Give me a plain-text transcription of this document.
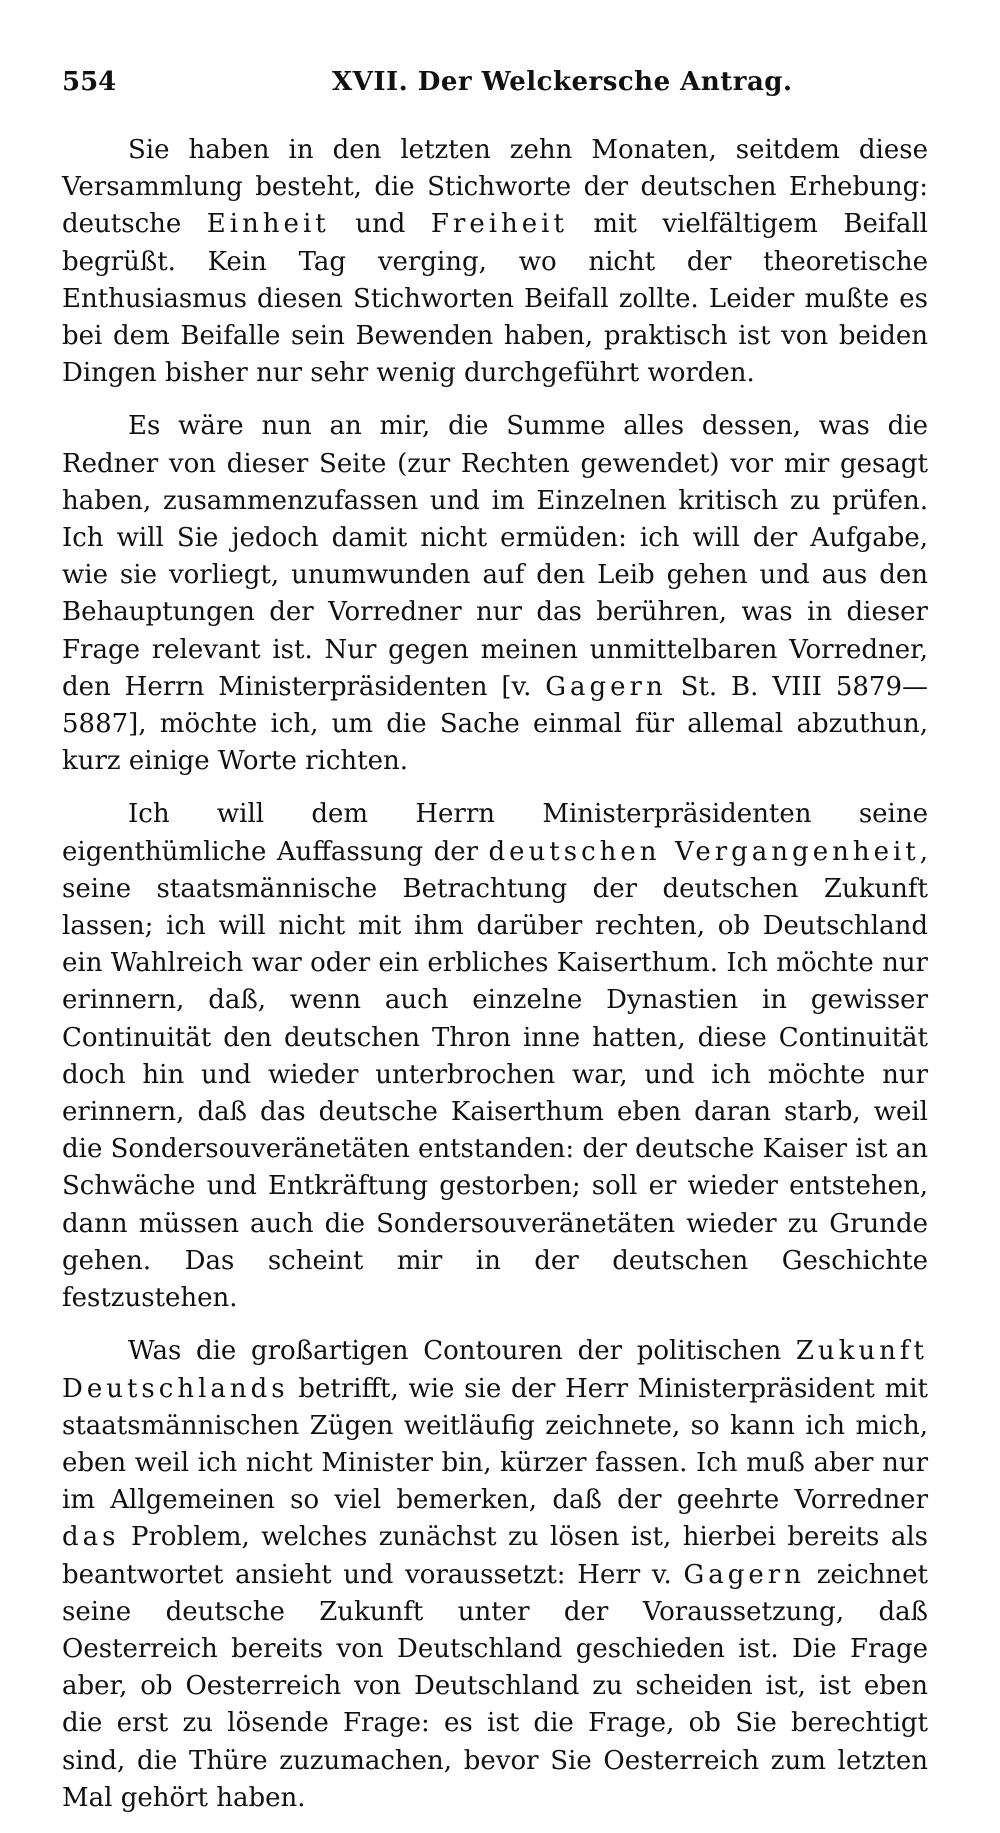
554	XVII. Der Welckersche Antrag.

Sie haben in den letzten zehn Monaten, seitdem diese Versammlung besteht, die Stichworte der deutschen Erhebung: deutsche Einheit und Freiheit mit vielfältigem Beifall begrüßt. Kein Tag verging, wo nicht der theoretische Enthusiasmus diesen Stichworten Beifall zollte. Leider mußte es bei dem Beifalle sein Bewenden haben, praktisch ist von beiden Dingen bisher nur sehr wenig durchgeführt worden.

Es wäre nun an mir, die Summe alles dessen, was die Redner von dieser Seite (zur Rechten gewendet) vor mir gesagt haben, zusammenzufassen und im Einzelnen kritisch zu prüfen. Ich will Sie jedoch damit nicht ermüden: ich will der Aufgabe, wie sie vorliegt, unumwunden auf den Leib gehen und aus den Behauptungen der Vorredner nur das berühren, was in dieser Frage relevant ist. Nur gegen meinen unmittelbaren Vorredner, den Herrn Ministerpräsidenten [v. Gagern St. B. VIII 5879—5887], möchte ich, um die Sache einmal für allemal abzuthun, kurz einige Worte richten.

Ich will dem Herrn Ministerpräsidenten seine eigenthümliche Auffassung der deutschen Vergangenheit, seine staatsmännische Betrachtung der deutschen Zukunft lassen; ich will nicht mit ihm darüber rechten, ob Deutschland ein Wahlreich war oder ein erbliches Kaiserthum. Ich möchte nur erinnern, daß, wenn auch einzelne Dynastien in gewisser Continuität den deutschen Thron inne hatten, diese Continuität doch hin und wieder unterbrochen war, und ich möchte nur erinnern, daß das deutsche Kaiserthum eben daran starb, weil die Sondersouveränetäten entstanden: der deutsche Kaiser ist an Schwäche und Entkräftung gestorben; soll er wieder entstehen, dann müssen auch die Sondersouveränetäten wieder zu Grunde gehen. Das scheint mir in der deutschen Geschichte festzustehen.

Was die großartigen Contouren der politischen Zukunft Deutschlands betrifft, wie sie der Herr Ministerpräsident mit staatsmännischen Zügen weitläufig zeichnete, so kann ich mich, eben weil ich nicht Minister bin, kürzer fassen. Ich muß aber nur im Allgemeinen so viel bemerken, daß der geehrte Vorredner das Problem, welches zunächst zu lösen ist, hierbei bereits als beantwortet ansieht und voraussetzt: Herr v. Gagern zeichnet seine deutsche Zukunft unter der Voraussetzung, daß Oesterreich bereits von Deutschland geschieden ist. Die Frage aber, ob Oesterreich von Deutschland zu scheiden ist, ist eben die erst zu lösende Frage: es ist die Frage, ob Sie berechtigt sind, die Thüre zuzumachen, bevor Sie Oesterreich zum letzten Mal gehört haben.
